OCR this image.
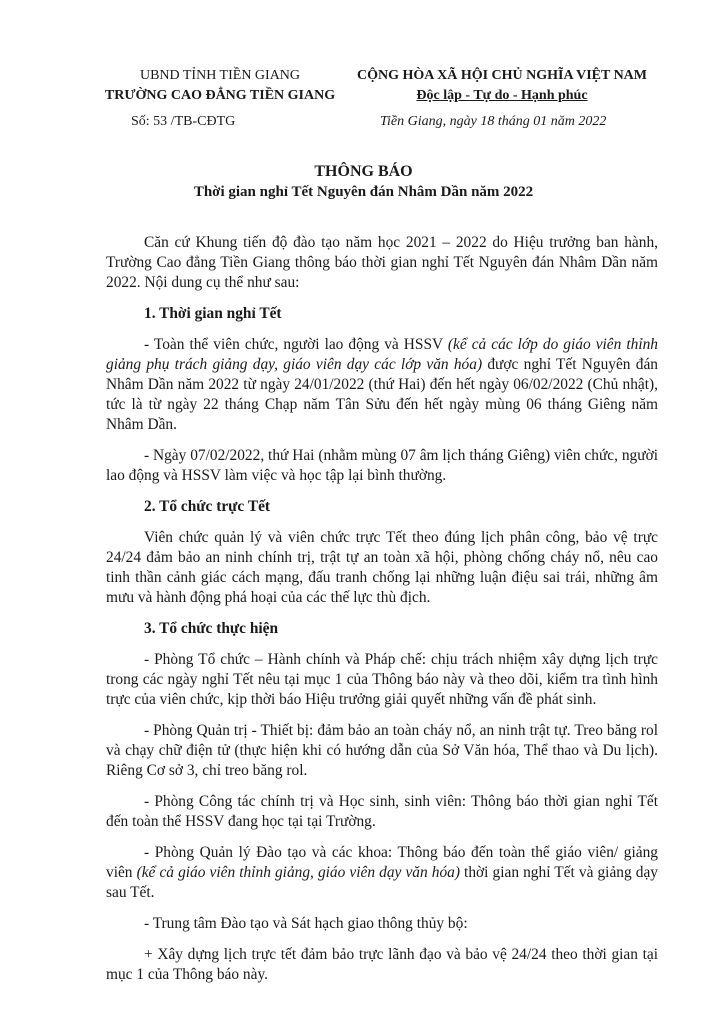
UBND TỈNH TIỀN GIANG
TRƯỜNG CAO ĐẲNG TIỀN GIANG
CỘNG HÒA XÃ HỘI CHỦ NGHĨA VIỆT NAM
Độc lập - Tự do - Hạnh phúc
Số: 53 /TB-CĐTG	Tiền Giang, ngày 18 tháng 01 năm 2022
THÔNG BÁO
Thời gian nghỉ Tết Nguyên đán Nhâm Dần năm 2022

Căn cứ Khung tiến độ đào tạo năm học 2021 – 2022 do Hiệu trưởng ban hành, Trường Cao đẳng Tiền Giang thông báo thời gian nghỉ Tết Nguyên đán Nhâm Dần năm 2022. Nội dung cụ thể như sau:

1. Thời gian nghỉ Tết

- Toàn thể viên chức, người lao động và HSSV (kể cả các lớp do giáo viên thỉnh giảng phụ trách giảng dạy, giáo viên dạy các lớp văn hóa) được nghỉ Tết Nguyên đán Nhâm Dần năm 2022 từ ngày 24/01/2022 (thứ Hai) đến hết ngày 06/02/2022 (Chủ nhật), tức là từ ngày 22 tháng Chạp năm Tân Sửu đến hết ngày mùng 06 tháng Giêng năm Nhâm Dần.

- Ngày 07/02/2022, thứ Hai (nhằm mùng 07 âm lịch tháng Giêng) viên chức, người lao động và HSSV làm việc và học tập lại bình thường.

2. Tổ chức trực Tết

Viên chức quản lý và viên chức trực Tết theo đúng lịch phân công, bảo vệ trực 24/24 đảm bảo an ninh chính trị, trật tự an toàn xã hội, phòng chống cháy nổ, nêu cao tinh thần cảnh giác cách mạng, đấu tranh chống lại những luận điệu sai trái, những âm mưu và hành động phá hoại của các thế lực thù địch.

3. Tổ chức thực hiện

- Phòng Tổ chức – Hành chính và Pháp chế: chịu trách nhiệm xây dựng lịch trực trong các ngày nghỉ Tết nêu tại mục 1 của Thông báo này và theo dõi, kiểm tra tình hình trực của viên chức, kịp thời báo Hiệu trưởng giải quyết những vấn đề phát sinh.

- Phòng Quản trị - Thiết bị: đảm bảo an toàn cháy nổ, an ninh trật tự. Treo băng rol và chạy chữ điện tử (thực hiện khi có hướng dẫn của Sở Văn hóa, Thể thao và Du lịch). Riêng Cơ sở 3, chỉ treo băng rol.

- Phòng Công tác chính trị và Học sinh, sinh viên: Thông báo thời gian nghỉ Tết đến toàn thể HSSV đang học tại tại Trường.

- Phòng Quản lý Đào tạo và các khoa: Thông báo đến toàn thể giáo viên/ giảng viên (kể cả giáo viên thỉnh giảng, giáo viên dạy văn hóa) thời gian nghỉ Tết và giảng dạy sau Tết.

- Trung tâm Đào tạo và Sát hạch giao thông thủy bộ:

+ Xây dựng lịch trực tết đảm bảo trực lãnh đạo và bảo vệ 24/24 theo thời gian tại mục 1 của Thông báo này.
